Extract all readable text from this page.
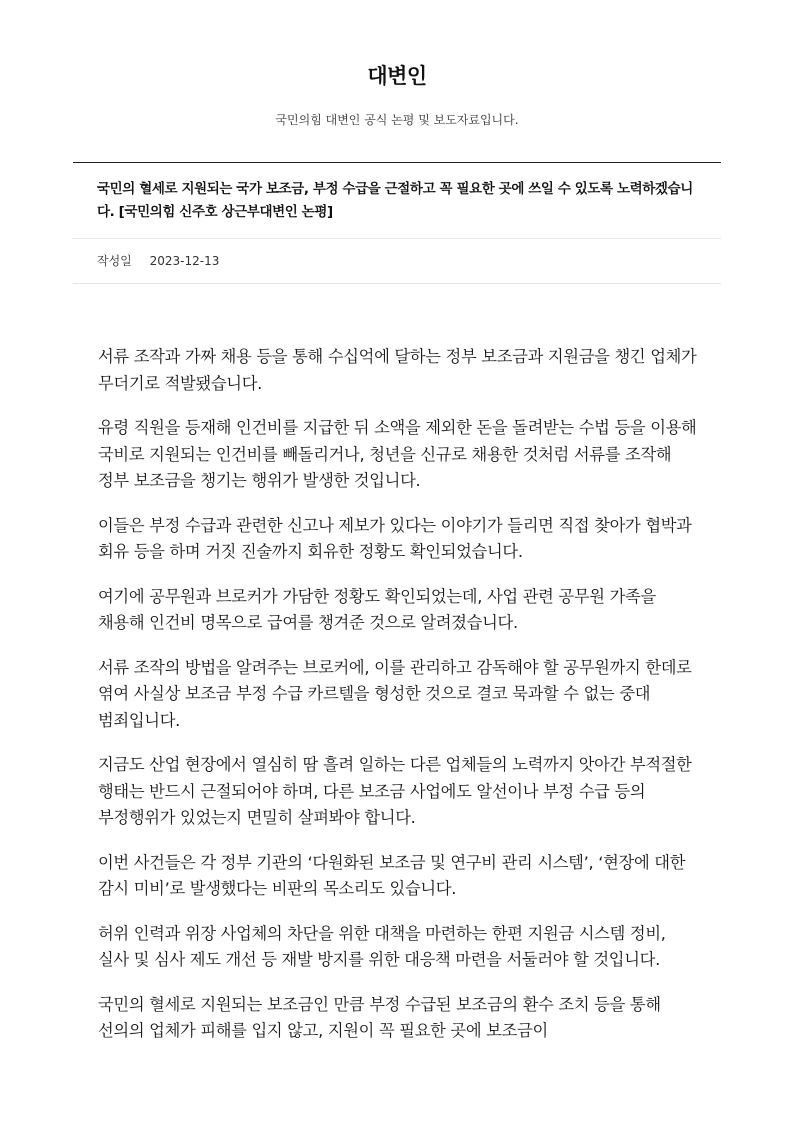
대변인
국민의힘 대변인 공식 논평 및 보도자료입니다.
국민의 혈세로 지원되는 국가 보조금, 부정 수급을 근절하고 꼭 필요한 곳에 쓰일 수 있도록 노력하겠습니다. [국민의힘 신주호 상근부대변인 논평]
작성일 2023-12-13

서류 조작과 가짜 채용 등을 통해 수십억에 달하는 정부 보조금과 지원금을 챙긴 업체가 무더기로 적발됐습니다.

유령 직원을 등재해 인건비를 지급한 뒤 소액을 제외한 돈을 돌려받는 수법 등을 이용해 국비로 지원되는 인건비를 빼돌리거나, 청년을 신규로 채용한 것처럼 서류를 조작해 정부 보조금을 챙기는 행위가 발생한 것입니다.

이들은 부정 수급과 관련한 신고나 제보가 있다는 이야기가 들리면 직접 찾아가 협박과 회유 등을 하며 거짓 진술까지 회유한 정황도 확인되었습니다.

여기에 공무원과 브로커가 가담한 정황도 확인되었는데, 사업 관련 공무원 가족을 채용해 인건비 명목으로 급여를 챙겨준 것으로 알려졌습니다.

서류 조작의 방법을 알려주는 브로커에, 이를 관리하고 감독해야 할 공무원까지 한데로 엮여 사실상 보조금 부정 수급 카르텔을 형성한 것으로 결코 묵과할 수 없는 중대 범죄입니다.

지금도 산업 현장에서 열심히 땀 흘려 일하는 다른 업체들의 노력까지 앗아간 부적절한 행태는 반드시 근절되어야 하며, 다른 보조금 사업에도 알선이나 부정 수급 등의 부정행위가 있었는지 면밀히 살펴봐야 합니다.

이번 사건들은 각 정부 기관의 ‘다원화된 보조금 및 연구비 관리 시스템’, ‘현장에 대한 감시 미비’로 발생했다는 비판의 목소리도 있습니다.

허위 인력과 위장 사업체의 차단을 위한 대책을 마련하는 한편 지원금 시스템 정비, 실사 및 심사 제도 개선 등 재발 방지를 위한 대응책 마련을 서둘러야 할 것입니다.

국민의 혈세로 지원되는 보조금인 만큼 부정 수급된 보조금의 환수 조치 등을 통해 선의의 업체가 피해를 입지 않고, 지원이 꼭 필요한 곳에 보조금이
